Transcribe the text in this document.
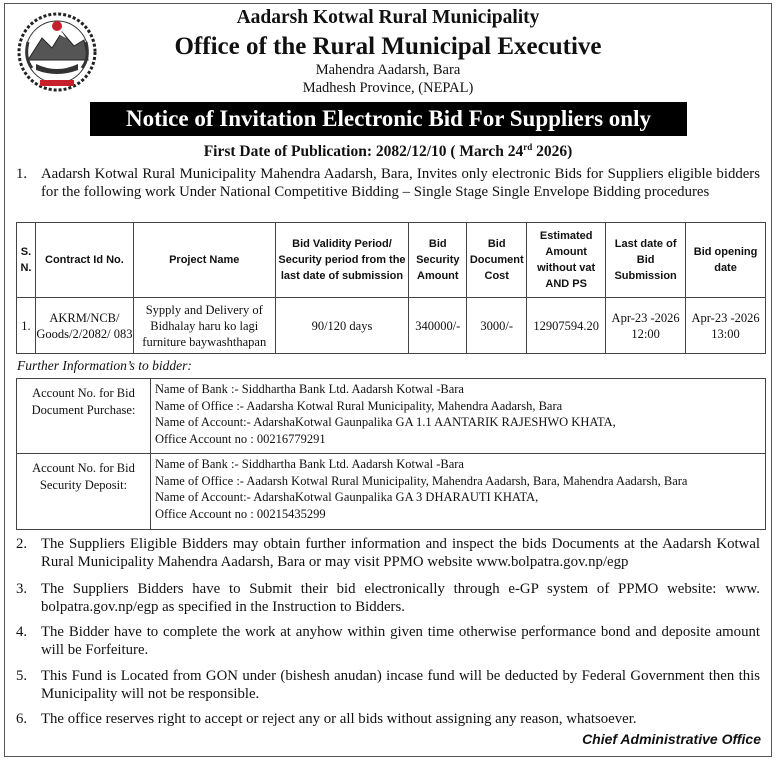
Aadarsh Kotwal Rural Municipality
Office of the Rural Municipal Executive
Mahendra Aadarsh, Bara
Madhesh Province, (NEPAL)
Notice of Invitation Electronic Bid For Suppliers only
First Date of Publication: 2082/12/10 ( March 24rd 2026)
1. Aadarsh Kotwal Rural Municipality Mahendra Aadarsh, Bara, Invites only electronic Bids for Suppliers eligible bidders for the following work Under National Competitive Bidding – Single Stage Single Envelope Bidding procedures
S. N.	Contract Id No.	Project Name	Bid Validity Period/ Security period from the last date of submission	Bid Security Amount	Bid Document Cost	Estimated Amount without vat AND PS	Last date of Bid Submission	Bid opening date
1.	AKRM/NCB/ Goods/2/2082/ 083	Sypply and Delivery of Bidhalay haru ko lagi furniture baywashthapan	90/120 days	340000/-	3000/-	12907594.20	Apr-23 -2026 12:00	Apr-23 -2026 13:00
Further Information’s to bidder:
Account No. for Bid Document Purchase:	Name of Bank :- Siddhartha Bank Ltd. Aadarsh Kotwal -Bara
Name of Office :- Aadarsha Kotwal Rural Municipality, Mahendra Aadarsh, Bara
Name of Account:- AdarshaKotwal Gaunpalika GA 1.1 AANTARIK RAJESHWO KHATA,
Office Account no : 00216779291

Account No. for Bid Security Deposit:	Name of Bank :- Siddhartha Bank Ltd. Aadarsh Kotwal -Bara
Name of Office :- Aadarsh Kotwal Rural Municipality, Mahendra Aadarsh, Bara, Mahendra Aadarsh, Bara
Name of Account:- AdarshaKotwal Gaunpalika GA 3 DHARAUTI KHATA,
Office Account no : 00215435299
2. The Suppliers Eligible Bidders may obtain further information and inspect the bids Documents at the Aadarsh Kotwal Rural Municipality Mahendra Aadarsh, Bara or may visit PPMO website www.bolpatra.gov.np/egp
3. The Suppliers Bidders have to Submit their bid electronically through e-GP system of PPMO website: www. bolpatra.gov.np/egp as specified in the Instruction to Bidders.
4. The Bidder have to complete the work at anyhow within given time otherwise performance bond and deposite amount will be Forfeiture.
5. This Fund is Located from GON under (bishesh anudan) incase fund will be deducted by Federal Government then this Municipality will not be responsible.
6. The office reserves right to accept or reject any or all bids without assigning any reason, whatsoever.
Chief Administrative Office
